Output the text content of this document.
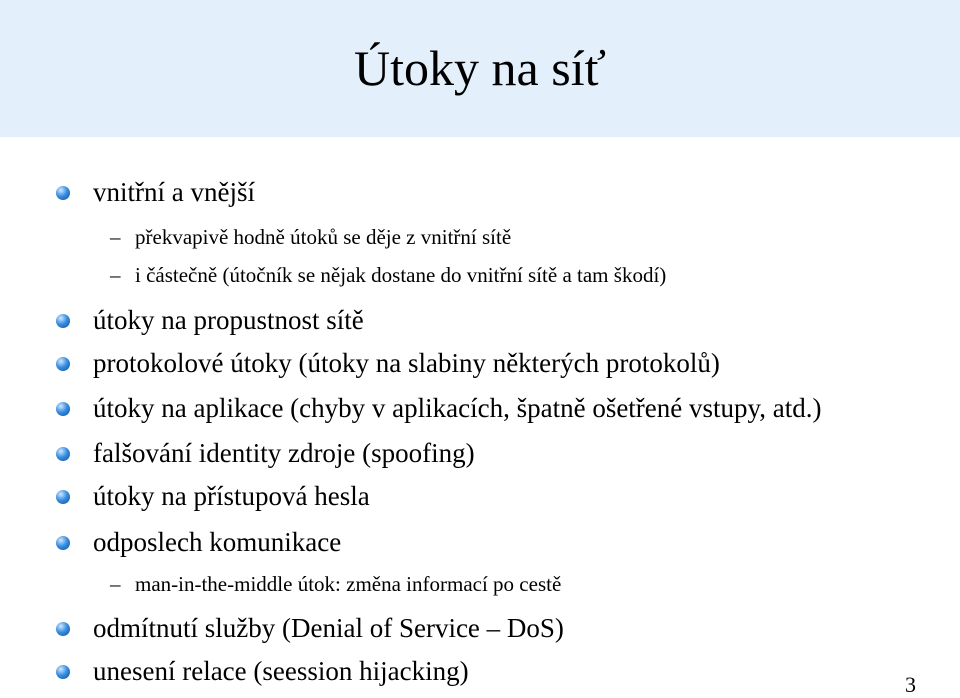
Útoky na síť
vnitřní a vnější
– překvapivě hodně útoků se děje z vnitřní sítě
– i částečně (útočník se nějak dostane do vnitřní sítě a tam škodí)
útoky na propustnost sítě
protokolové útoky (útoky na slabiny některých protokolů)
útoky na aplikace (chyby v aplikacích, špatně ošetřené vstupy, atd.)
falšování identity zdroje (spoofing)
útoky na přístupová hesla
odposlech komunikace
– man-in-the-middle útok: změna informací po cestě
odmítnutí služby (Denial of Service – DoS)
unesení relace (seession hijacking)	3
